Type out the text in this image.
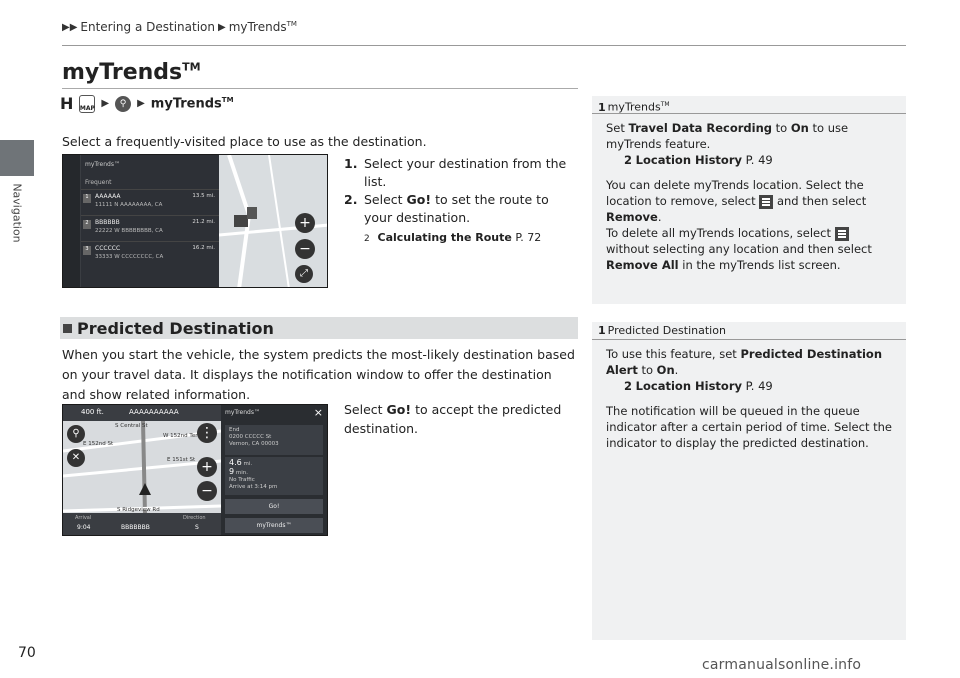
Navigation
▶▶ Entering a Destination ▶ myTrends™
myTrends™
H MAP ▶	⚲	▶ myTrends™
Select a frequently-visited place to use as the destination.
myTrends™
Frequent
1	AAAAAA
11111 N AAAAAAAA, CA
13.5 mi.
2	BBBBBB
22222 W BBBBBBBB, CA
21.2 mi.
3	CCCCCC
33333 W CCCCCCCC, CA
16.2 mi.
+
−
⤢
1. Select your destination from the list.
2. Select Go! to set the route to your destination.
2 Calculating the Route P. 72
Predicted Destination
When you start the vehicle, the system predicts the most-likely destination based on your travel data. It displays the notification window to offer the destination and show related information.
400 ft.	AAAAAAAAAA
S Central St
W 152nd Ter
E 152nd St
E 151st St
S Ridgeview Rd
⚲
✕
⋮
+
−
Arrival
9:04	BBBBBBB
Direction
S
myTrends™	×
End
0200 CCCCC St
Vernon, CA 00003
4.6 mi.
9 min.
No Traffic
Arrive at 3:14 pm
Go!
myTrends™
Select Go! to accept the predicted destination.
1 myTrends™
Set Travel Data Recording to On to use myTrends feature.
2 Location History P. 49
You can delete myTrends location. Select the location to remove, select and then select Remove.
To delete all myTrends locations, select  without selecting any location and then select Remove All in the myTrends list screen.
1 Predicted Destination
To use this feature, set Predicted Destination Alert to On.
2 Location History P. 49
The notification will be queued in the queue indicator after a certain period of time. Select the indicator to display the predicted destination.
70
carmanualsonline.info
